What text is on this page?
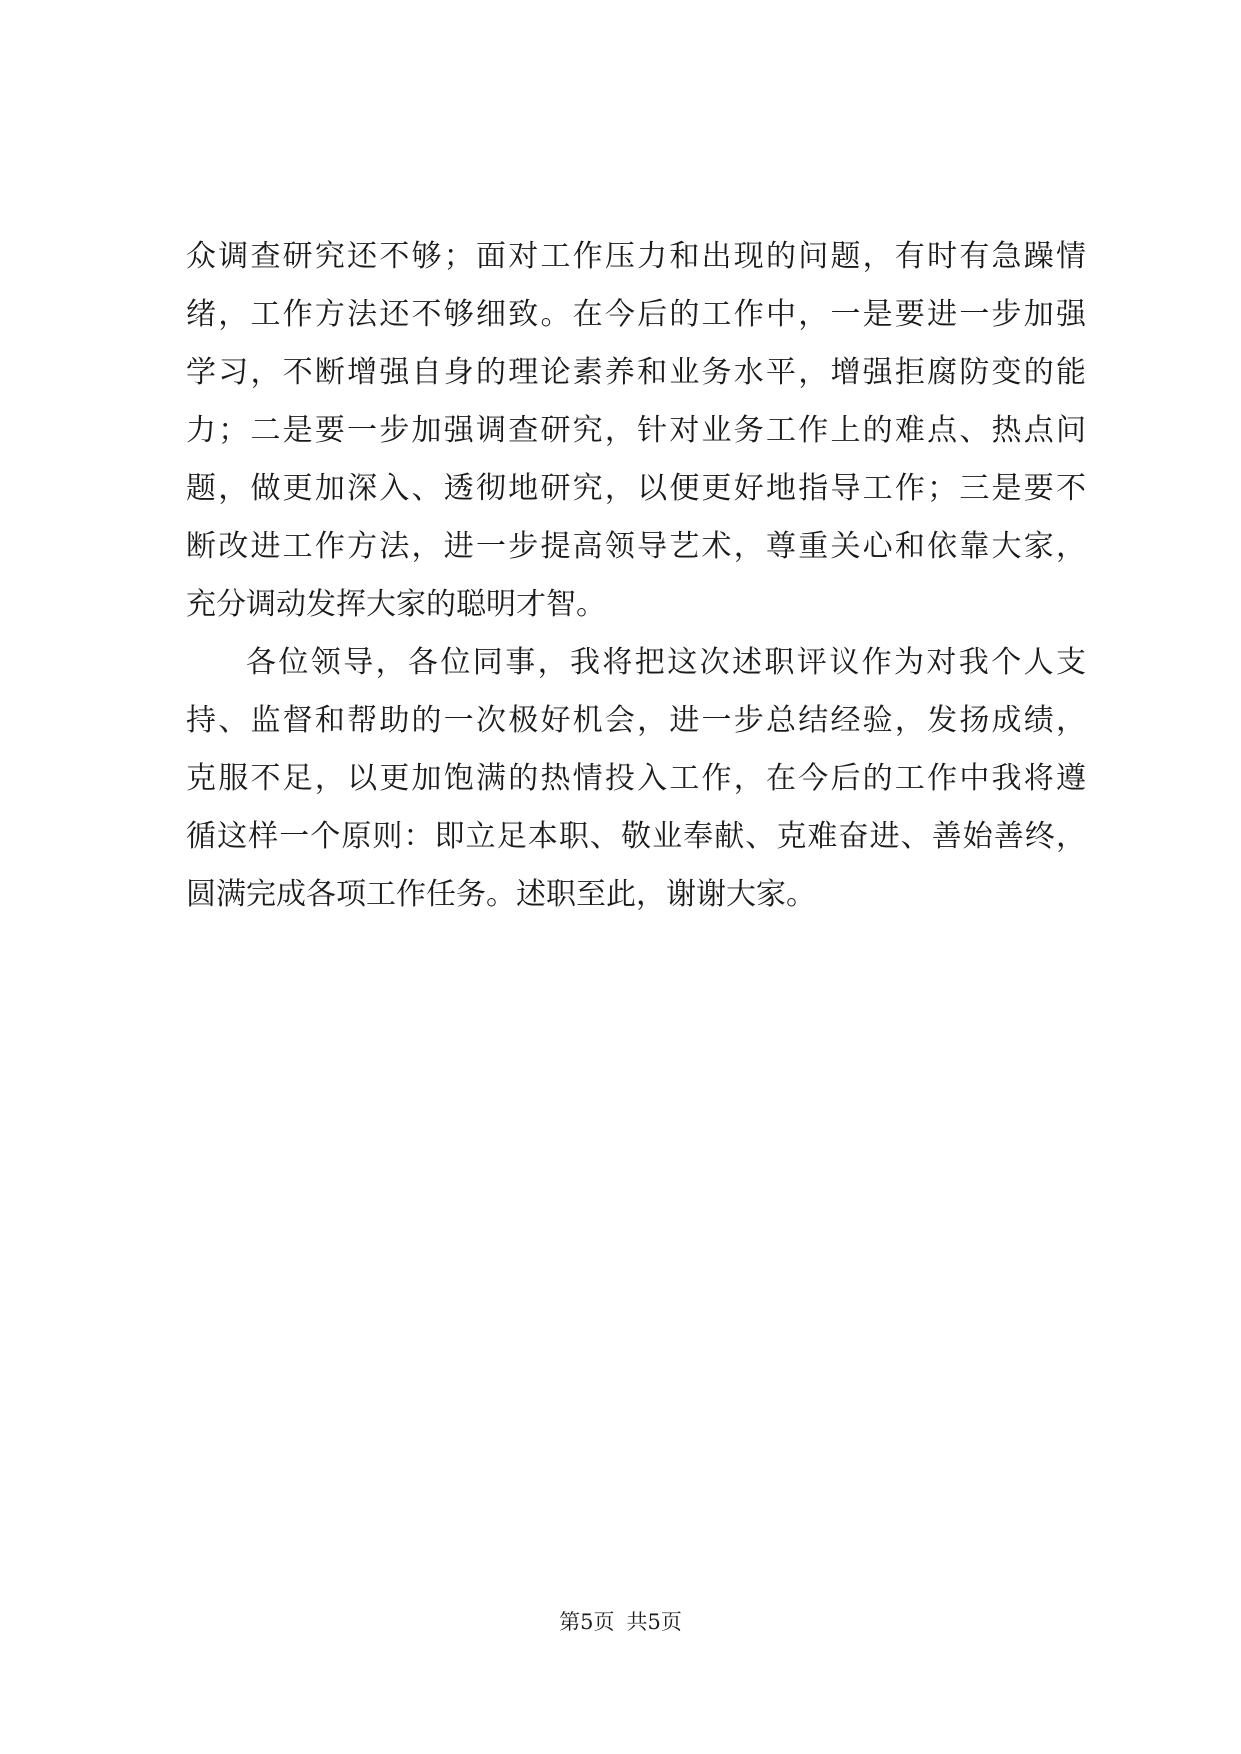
众调查研究还不够；面对工作压力和出现的问题，有时有急躁情
绪，工作方法还不够细致。在今后的工作中，一是要进一步加强
学习，不断增强自身的理论素养和业务水平，增强拒腐防变的能
力；二是要一步加强调查研究，针对业务工作上的难点、热点问
题，做更加深入、透彻地研究，以便更好地指导工作；三是要不
断改进工作方法，进一步提高领导艺术，尊重关心和依靠大家，
充分调动发挥大家的聪明才智。
各位领导，各位同事，我将把这次述职评议作为对我个人支
持、监督和帮助的一次极好机会，进一步总结经验，发扬成绩，
克服不足，以更加饱满的热情投入工作，在今后的工作中我将遵
循这样一个原则：即立足本职、敬业奉献、克难奋进、善始善终，
圆满完成各项工作任务。述职至此，谢谢大家。
第5页 共5页
